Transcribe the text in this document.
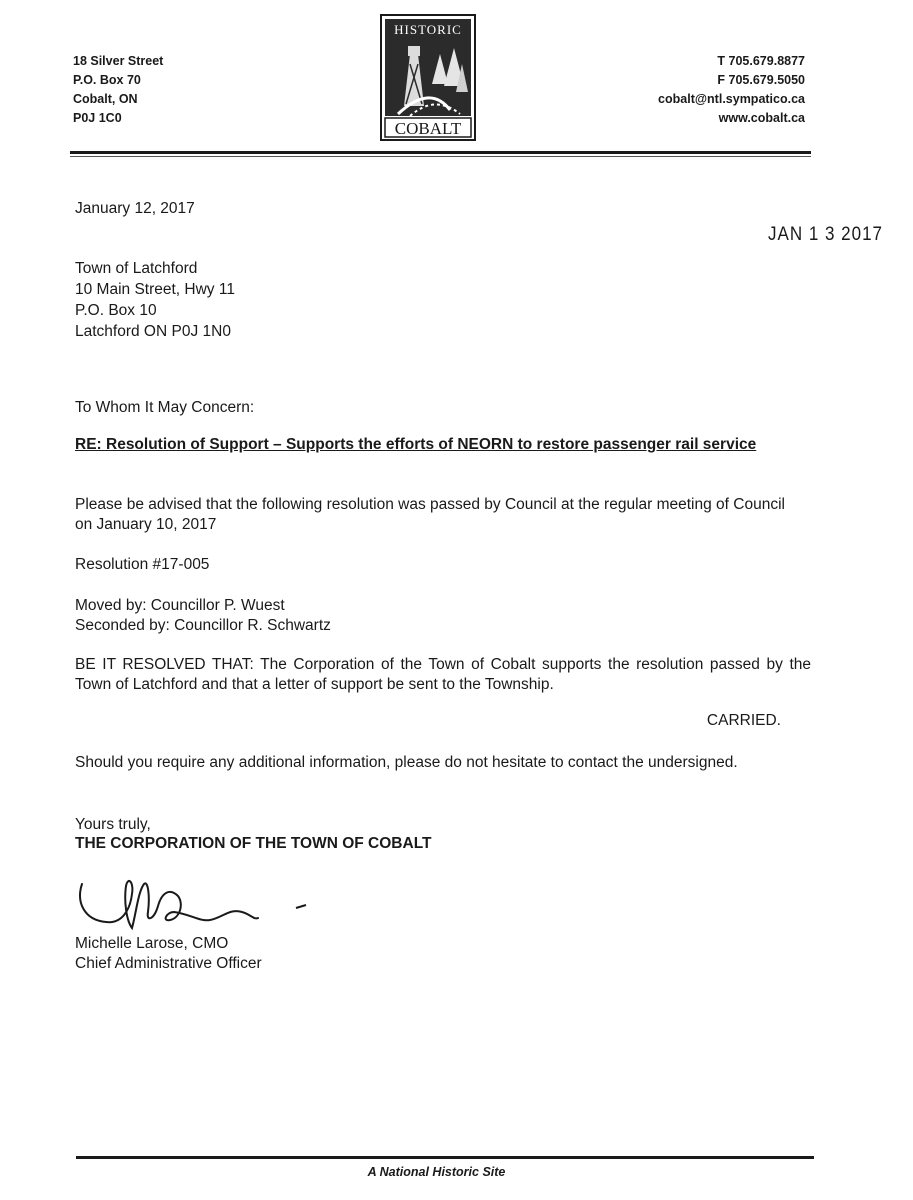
18 Silver Street
P.O. Box 70
Cobalt, ON
P0J 1C0
HISTORIC
COBALT
T 705.679.8877
F 705.679.5050
cobalt@ntl.sympatico.ca
www.cobalt.ca
January 12, 2017
JAN 1 3 2017
Town of Latchford
10 Main Street, Hwy 11
P.O. Box 10
Latchford ON P0J 1N0
To Whom It May Concern:
RE: Resolution of Support – Supports the efforts of NEORN to restore passenger rail service
Please be advised that the following resolution was passed by Council at the regular meeting of Council on January 10, 2017
Resolution #17-005
Moved by: Councillor P. Wuest
Seconded by: Councillor R. Schwartz
BE IT RESOLVED THAT: The Corporation of the Town of Cobalt supports the resolution passed by the Town of Latchford and that a letter of support be sent to the Township.
CARRIED.
Should you require any additional information, please do not hesitate to contact the undersigned.
Yours truly,
THE CORPORATION OF THE TOWN OF COBALT
Michelle Larose, CMO
Chief Administrative Officer
A National Historic Site
